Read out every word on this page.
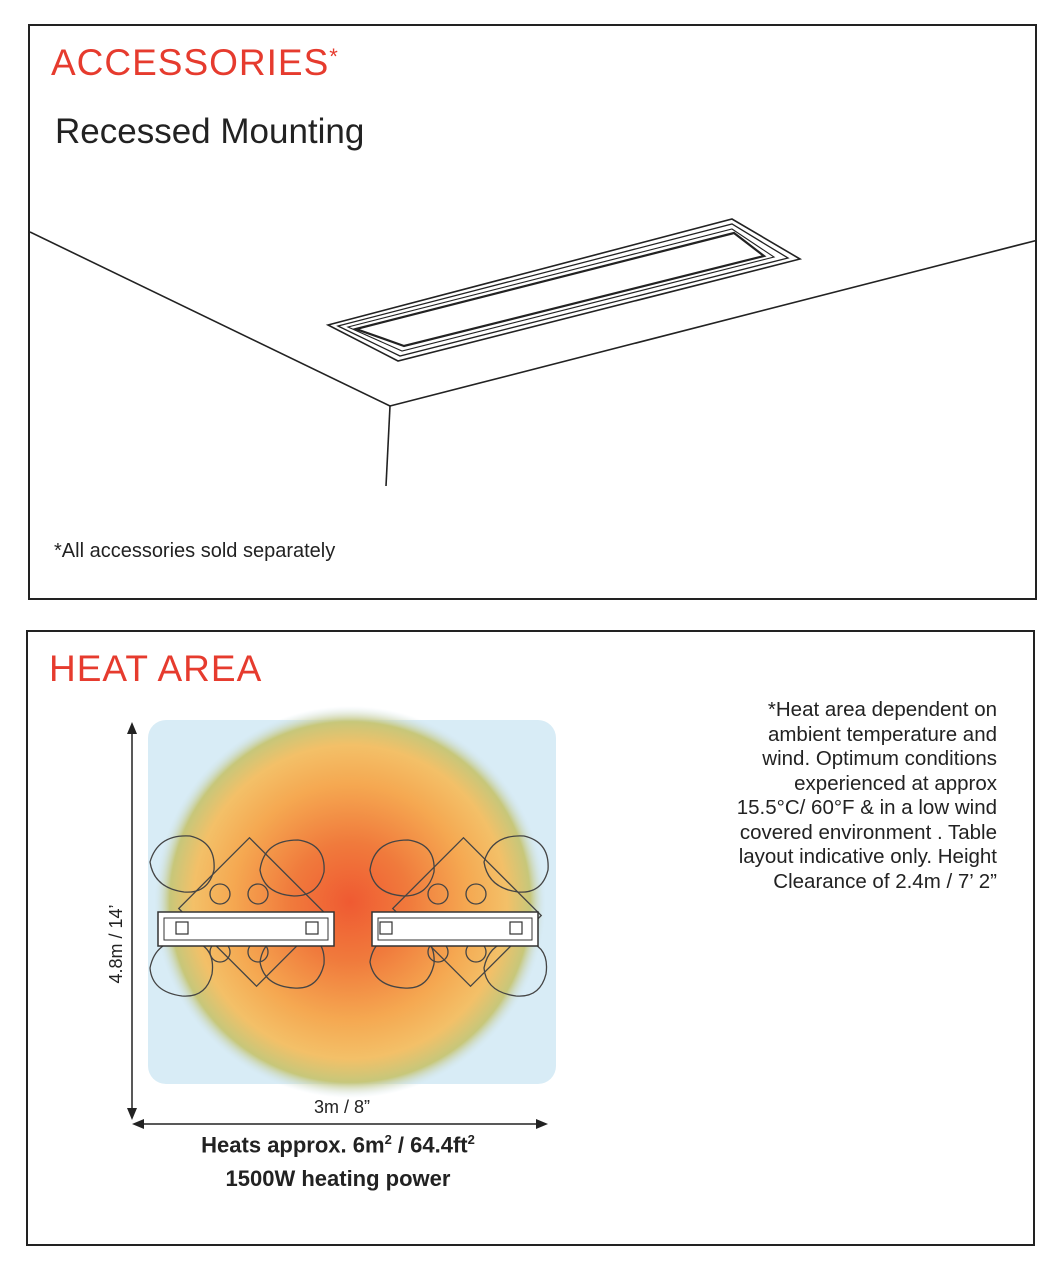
ACCESSORIES*
Recessed Mounting
*All accessories sold separately
4.8m / 14’
3m / 8”
HEAT AREA
*Heat area dependent on
ambient temperature and
wind. Optimum conditions
experienced at approx
15.5°C/ 60°F & in a low wind
covered environment . Table
layout indicative only. Height
Clearance of 2.4m / 7’ 2”
Heats approx. $6m^2 / 64.4ft^2$
1500W heating power
